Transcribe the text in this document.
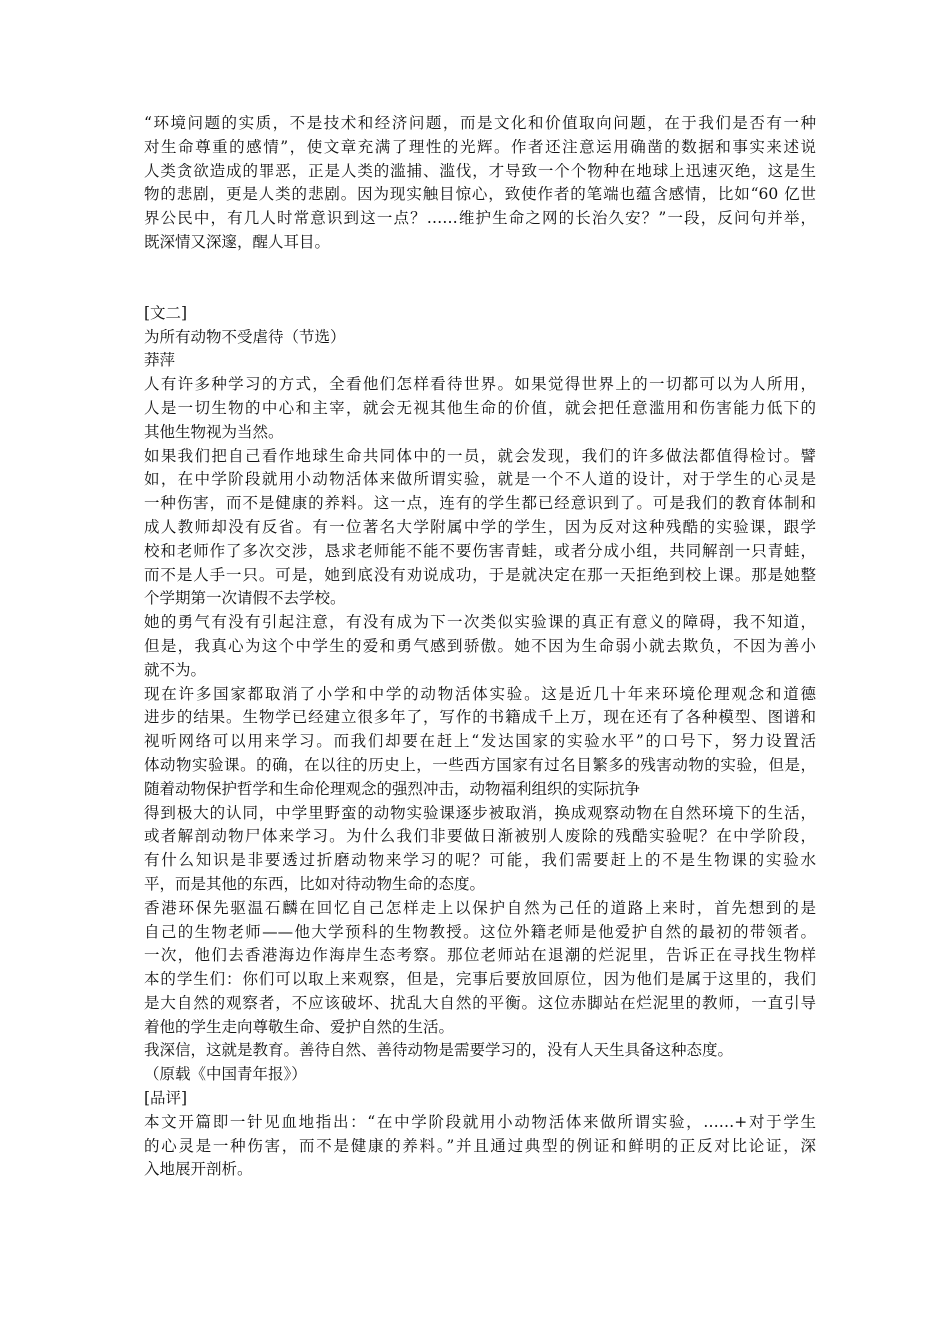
“环境问题的实质，不是技术和经济问题，而是文化和价值取向问题，在于我们是否有一种
对生命尊重的感情”，使文章充满了理性的光辉。作者还注意运用确凿的数据和事实来述说
人类贪欲造成的罪恶，正是人类的滥捕、滥伐，才导致一个个物种在地球上迅速灭绝，这是生
物的悲剧，更是人类的悲剧。因为现实触目惊心，致使作者的笔端也蕴含感情，比如“60 亿世
界公民中，有几人时常意识到这一点？……维护生命之网的长治久安？”一段，反问句并举，
既深情又深邃，醒人耳目。
[文二]
为所有动物不受虐待（节选）
莽萍
人有许多种学习的方式，全看他们怎样看待世界。如果觉得世界上的一切都可以为人所用，
人是一切生物的中心和主宰，就会无视其他生命的价值，就会把任意滥用和伤害能力低下的
其他生物视为当然。
如果我们把自己看作地球生命共同体中的一员，就会发现，我们的许多做法都值得检讨。譬
如，在中学阶段就用小动物活体来做所谓实验，就是一个不人道的设计，对于学生的心灵是
一种伤害，而不是健康的养料。这一点，连有的学生都已经意识到了。可是我们的教育体制和
成人教师却没有反省。有一位著名大学附属中学的学生，因为反对这种残酷的实验课，跟学
校和老师作了多次交涉，恳求老师能不能不要伤害青蛙，或者分成小组，共同解剖一只青蛙，
而不是人手一只。可是，她到底没有劝说成功，于是就决定在那一天拒绝到校上课。那是她整
个学期第一次请假不去学校。
她的勇气有没有引起注意，有没有成为下一次类似实验课的真正有意义的障碍，我不知道，
但是，我真心为这个中学生的爱和勇气感到骄傲。她不因为生命弱小就去欺负，不因为善小
就不为。
现在许多国家都取消了小学和中学的动物活体实验。这是近几十年来环境伦理观念和道德
进步的结果。生物学已经建立很多年了，写作的书籍成千上万，现在还有了各种模型、图谱和
视听网络可以用来学习。而我们却要在赶上“发达国家的实验水平”的口号下，努力设置活
体动物实验课。的确，在以往的历史上，一些西方国家有过名目繁多的残害动物的实验，但是，
随着动物保护哲学和生命伦理观念的强烈冲击，动物福利组织的实际抗争
得到极大的认同，中学里野蛮的动物实验课逐步被取消，换成观察动物在自然环境下的生活，
或者解剖动物尸体来学习。为什么我们非要做日渐被别人废除的残酷实验呢？在中学阶段，
有什么知识是非要透过折磨动物来学习的呢？可能，我们需要赶上的不是生物课的实验水
平，而是其他的东西，比如对待动物生命的态度。
香港环保先驱温石麟在回忆自己怎样走上以保护自然为己任的道路上来时，首先想到的是
自己的生物老师——他大学预科的生物教授。这位外籍老师是他爱护自然的最初的带领者。
一次，他们去香港海边作海岸生态考察。那位老师站在退潮的烂泥里，告诉正在寻找生物样
本的学生们：你们可以取上来观察，但是，完事后要放回原位，因为他们是属于这里的，我们
是大自然的观察者，不应该破坏、扰乱大自然的平衡。这位赤脚站在烂泥里的教师，一直引导
着他的学生走向尊敬生命、爱护自然的生活。
我深信，这就是教育。善待自然、善待动物是需要学习的，没有人天生具备这种态度。
（原载《中国青年报》）
[品评]
本文开篇即一针见血地指出：“在中学阶段就用小动物活体来做所谓实验，……+对于学生
的心灵是一种伤害，而不是健康的养料。”并且通过典型的例证和鲜明的正反对比论证，深
入地展开剖析。
